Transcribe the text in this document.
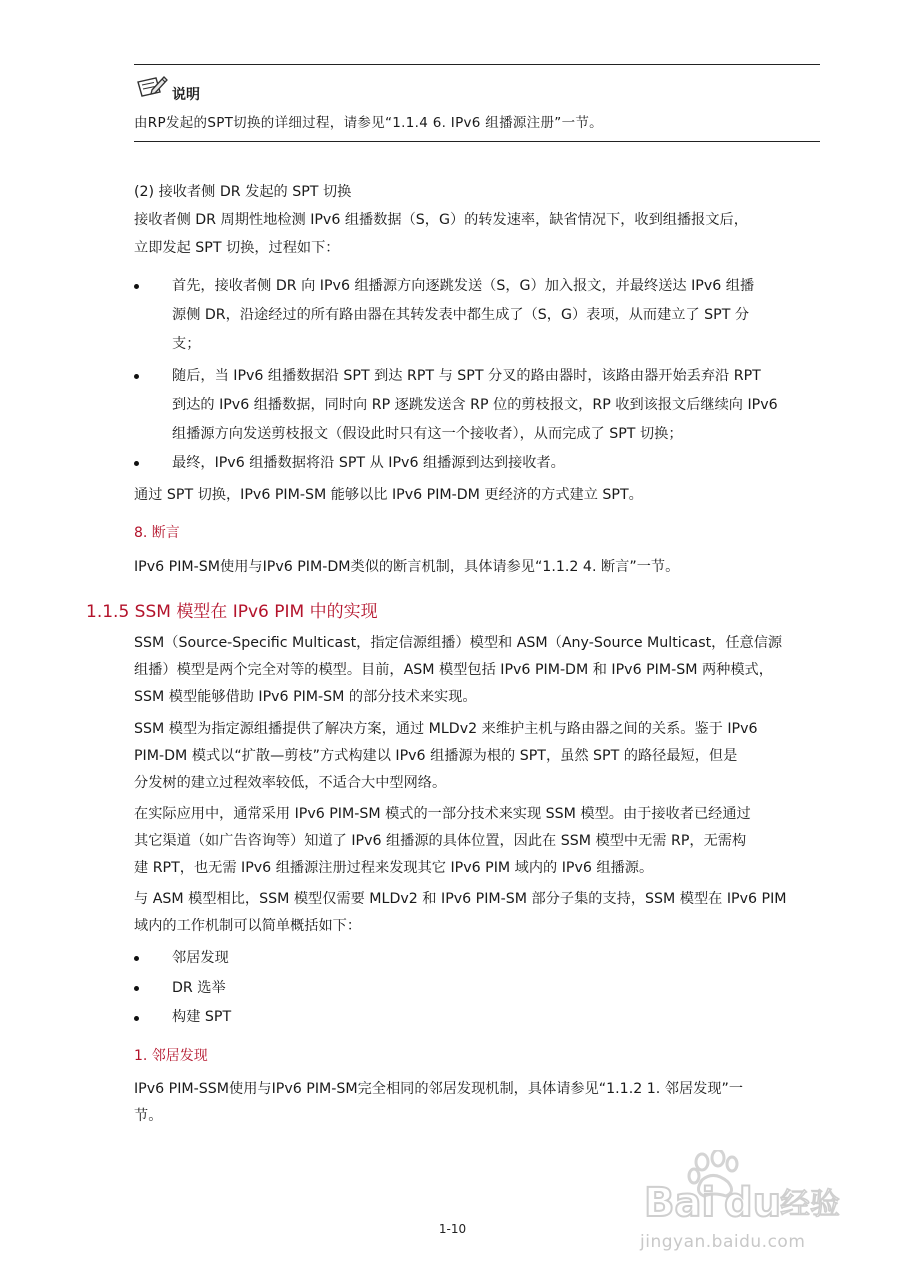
说明
由RP发起的SPT切换的详细过程，请参见“1.1.4 6. IPv6 组播源注册”一节。
(2) 接收者侧 DR 发起的 SPT 切换
接收者侧 DR 周期性地检测 IPv6 组播数据（S，G）的转发速率，缺省情况下，收到组播报文后，
立即发起 SPT 切换，过程如下：
首先，接收者侧 DR 向 IPv6 组播源方向逐跳发送（S，G）加入报文，并最终送达 IPv6 组播
源侧 DR，沿途经过的所有路由器在其转发表中都生成了（S，G）表项，从而建立了 SPT 分
支；
随后，当 IPv6 组播数据沿 SPT 到达 RPT 与 SPT 分叉的路由器时，该路由器开始丢弃沿 RPT
到达的 IPv6 组播数据，同时向 RP 逐跳发送含 RP 位的剪枝报文，RP 收到该报文后继续向 IPv6
组播源方向发送剪枝报文（假设此时只有这一个接收者），从而完成了 SPT 切换；
最终，IPv6 组播数据将沿 SPT 从 IPv6 组播源到达到接收者。
通过 SPT 切换，IPv6 PIM-SM 能够以比 IPv6 PIM-DM 更经济的方式建立 SPT。
8. 断言
IPv6 PIM-SM使用与IPv6 PIM-DM类似的断言机制，具体请参见“1.1.2 4. 断言”一节。
1.1.5 SSM 模型在 IPv6 PIM 中的实现
SSM（Source-Specific Multicast，指定信源组播）模型和 ASM（Any-Source Multicast，任意信源
组播）模型是两个完全对等的模型。目前，ASM 模型包括 IPv6 PIM-DM 和 IPv6 PIM-SM 两种模式，
SSM 模型能够借助 IPv6 PIM-SM 的部分技术来实现。
SSM 模型为指定源组播提供了解决方案，通过 MLDv2 来维护主机与路由器之间的关系。鉴于 IPv6
PIM-DM 模式以“扩散—剪枝”方式构建以 IPv6 组播源为根的 SPT，虽然 SPT 的路径最短，但是
分发树的建立过程效率较低，不适合大中型网络。
在实际应用中，通常采用 IPv6 PIM-SM 模式的一部分技术来实现 SSM 模型。由于接收者已经通过
其它渠道（如广告咨询等）知道了 IPv6 组播源的具体位置，因此在 SSM 模型中无需 RP，无需构
建 RPT，也无需 IPv6 组播源注册过程来发现其它 IPv6 PIM 域内的 IPv6 组播源。
与 ASM 模型相比，SSM 模型仅需要 MLDv2 和 IPv6 PIM-SM 部分子集的支持，SSM 模型在 IPv6 PIM
域内的工作机制可以简单概括如下：
邻居发现
DR 选举
构建 SPT
1. 邻居发现
IPv6 PIM-SSM使用与IPv6 PIM-SM完全相同的邻居发现机制，具体请参见“1.1.2 1. 邻居发现”一
节。
1-10
Bai du
经验
jingyan.baidu.com
